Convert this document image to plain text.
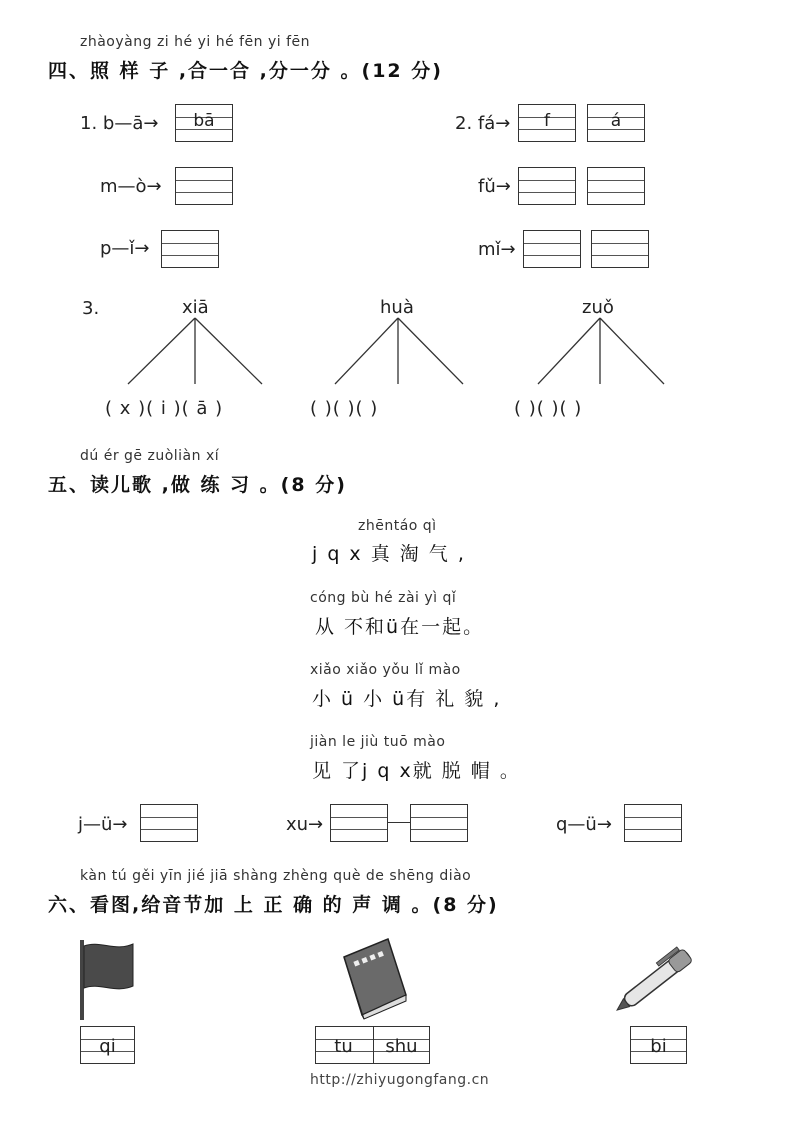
zhàoyàng zi hé yi hé fēn yi fēn
四、照 样 子 ,合一合 ,分一分 。(12 分)
1. b—ā→	bā
m—ò→
p—ǐ→
2. fá→	f	á
fǔ→
mǐ→
3.	xiā	huà	zuǒ
( x )( i )( ā )	( )( )( )	( )( )( )
dú ér gē zuòliàn xí
五、读儿歌 ,做 练 习 。(8 分)
zhēntáo qì
j q x 真 淘 气 ,
cóng bù hé zài yì qǐ
从 不和ü在一起。
xiǎo xiǎo yǒu lǐ mào
小 ü 小 ü有 礼 貌 ,
jiàn le jiù tuō mào
见 了j q x就 脱 帽 。
j—ü→	xu→	q—ü→
kàn tú gěi yīn jié jiā shàng zhèng què de shēng diào
六、看图,给音节加 上 正 确 的 声 调 。(8 分)
qi	tu	shu	bi
http://zhiyugongfang.cn
